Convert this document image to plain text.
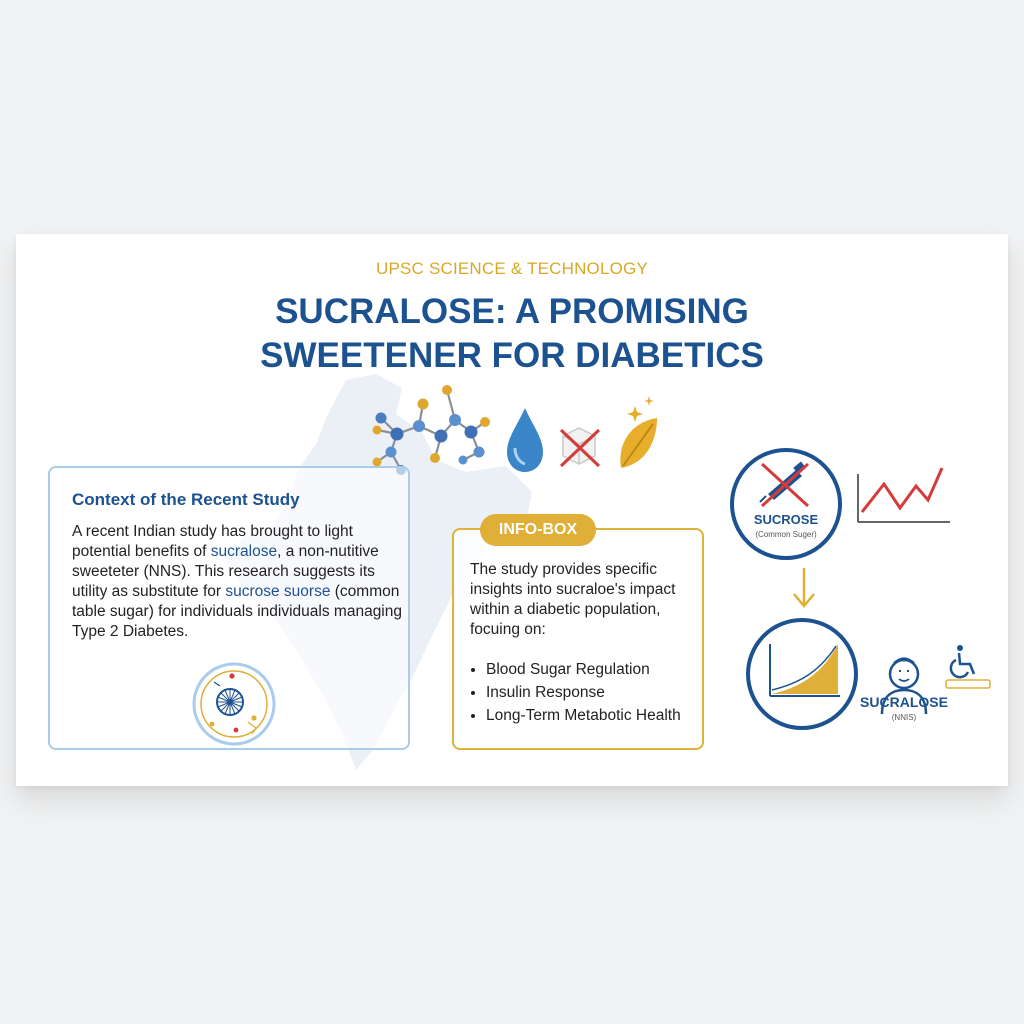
UPSC SCIENCE & TECHNOLOGY
SUCRALOSE: A PROMISING
SWEETENER FOR DIABETICS
Context of the Recent Study
A recent Indian study has brought to light potential benefits of sucralose, a non-nutitive sweeteter (NNS). This research suggests its utility as substitute for sucrose suorse (common table sugar) for individuals individuals managing Type 2 Diabetes.
The study provides specific insights into sucraloe's impact within a diabetic population, focuing on:
• Blood Sugar Regulation
• Insulin Response
• Long-Term Metabotic Health
INFO-BOX
SUCROSE
(Common Suger)
SUCRALOSE
(NNIS)
